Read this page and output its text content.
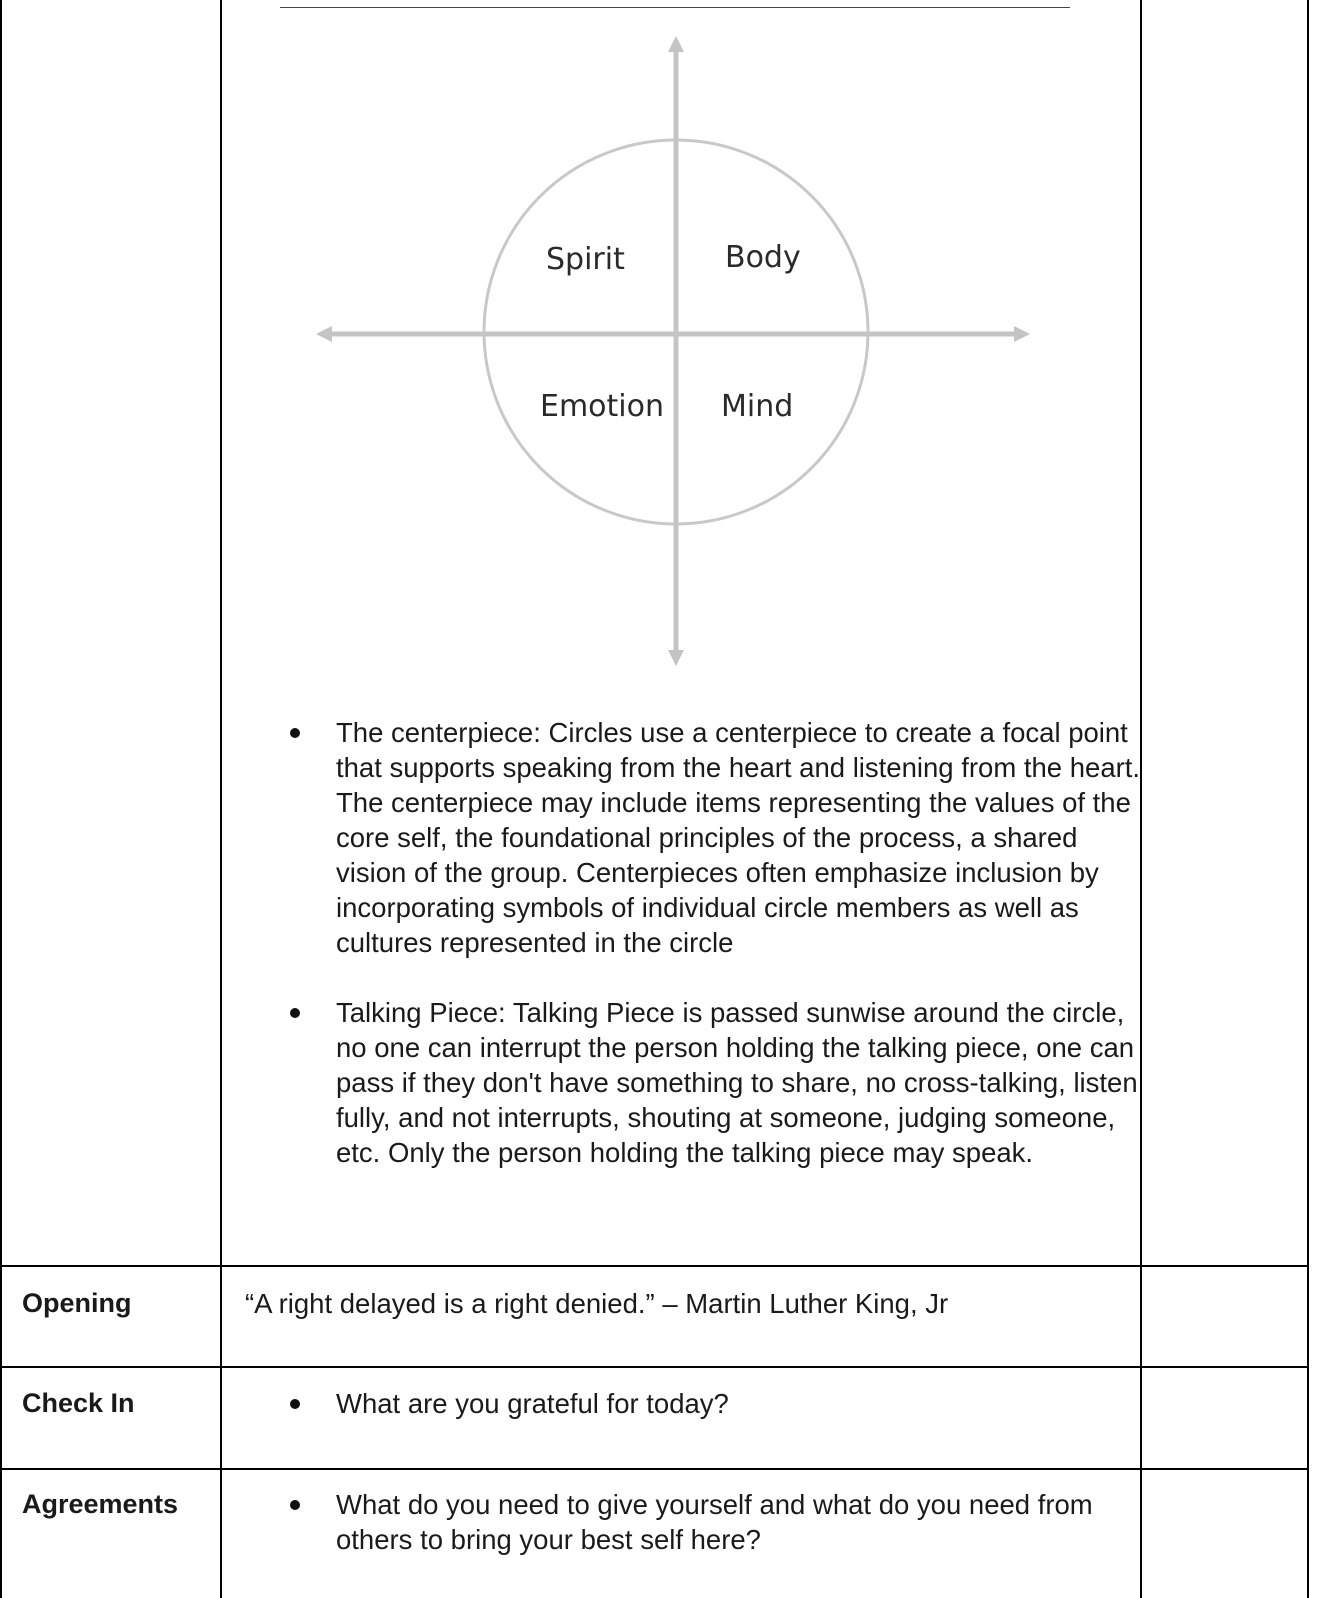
Spirit	Body
Emotion Mind
The centerpiece: Circles use a centerpiece to create a focal point that supports speaking from the heart and listening from the heart. The centerpiece may include items representing the values of the core self, the foundational principles of the process, a shared vision of the group. Centerpieces often emphasize inclusion by incorporating symbols of individual circle members as well as cultures represented in the circle
Talking Piece: Talking Piece is passed sunwise around the circle, no one can interrupt the person holding the talking piece, one can pass if they don't have something to share, no cross-talking, listen fully, and not interrupts, shouting at someone, judging someone, etc. Only the person holding the talking piece may speak.
Opening	“A right delayed is a right denied.” – Martin Luther King, Jr
Check In	What are you grateful for today?
Agreements	What do you need to give yourself and what do you need from others to bring your best self here?
